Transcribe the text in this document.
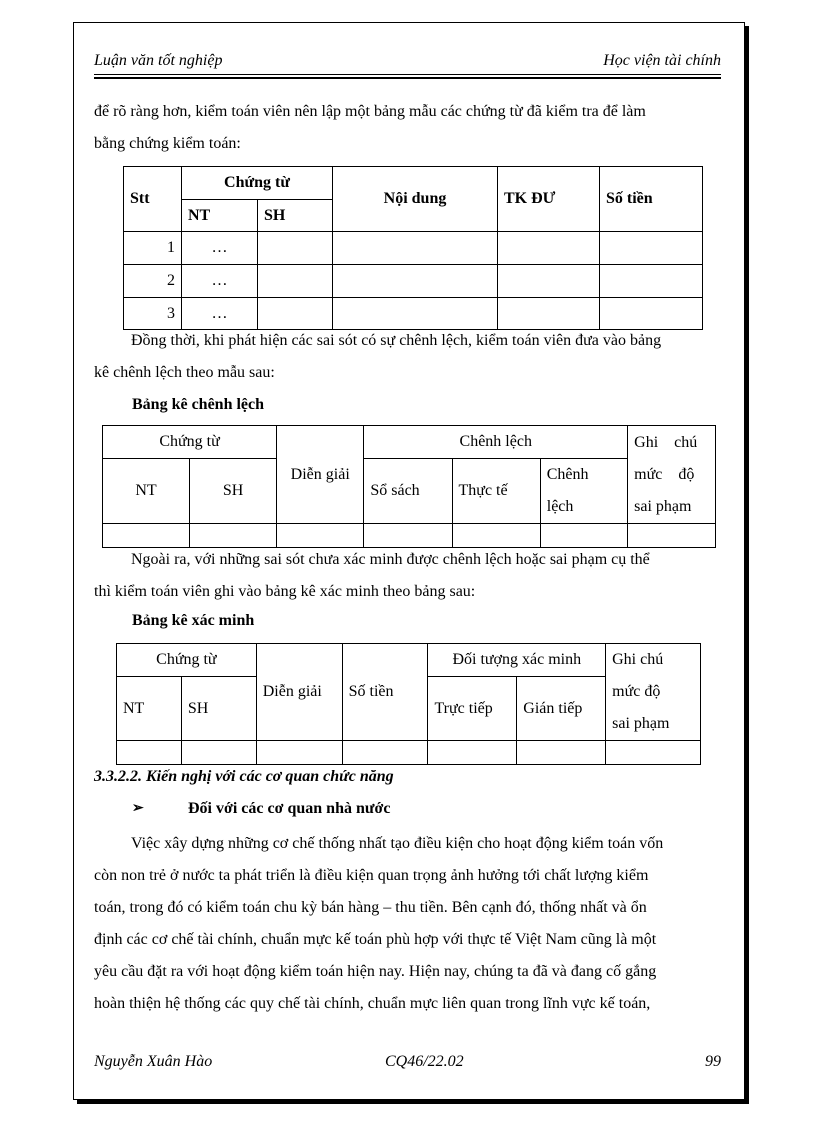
Luận văn tốt nghiệp	Học viện tài chính
để rõ ràng hơn, kiểm toán viên nên lập một bảng mẫu các chứng từ đã kiểm tra để làm
bằng chứng kiểm toán:
Stt	Chứng từ		Nội dung	TK ĐƯ	Số tiền
	NT	SH			
1	…				
2	…				
3	…				
Đồng thời, khi phát hiện các sai sót có sự chênh lệch, kiểm toán viên đưa vào bảng
kê chênh lệch theo mẫu sau:
Bảng kê chênh lệch
Chứng từ		Diễn giải	Chênh lệch			Ghi    chú
mức    độ
sai phạm

NT	SH		Sổ sách	Thực tế	Chênh
lệch	

Ngoài ra, với những sai sót chưa xác minh được chênh lệch hoặc sai phạm cụ thể
thì kiểm toán viên ghi vào bảng kê xác minh theo bảng sau:
Bảng kê xác minh
Chứng từ		Diễn giải	Số tiền	Đối tượng xác minh		Ghi chú
mức độ
sai phạm

NT	SH			Trực tiếp	Gián tiếp	

3.3.2.2. Kiến nghị với các cơ quan chức năng
➢	Đối với các cơ quan nhà nước
Việc xây dựng những cơ chế thống nhất tạo điều kiện cho hoạt động kiểm toán vốn
còn non trẻ ở nước ta phát triển là điều kiện quan trọng ảnh hưởng tới chất lượng kiểm
toán, trong đó có kiểm toán chu kỳ bán hàng – thu tiền. Bên cạnh đó, thống nhất và ổn
định các cơ chế tài chính, chuẩn mực kế toán phù hợp với thực tế Việt Nam cũng là một
yêu cầu đặt ra với hoạt động kiểm toán hiện nay. Hiện nay, chúng ta đã và đang cố gắng
hoàn thiện hệ thống các quy chế tài chính, chuẩn mực liên quan trong lĩnh vực kế toán,
Nguyễn Xuân Hào	CQ46/22.02	99
